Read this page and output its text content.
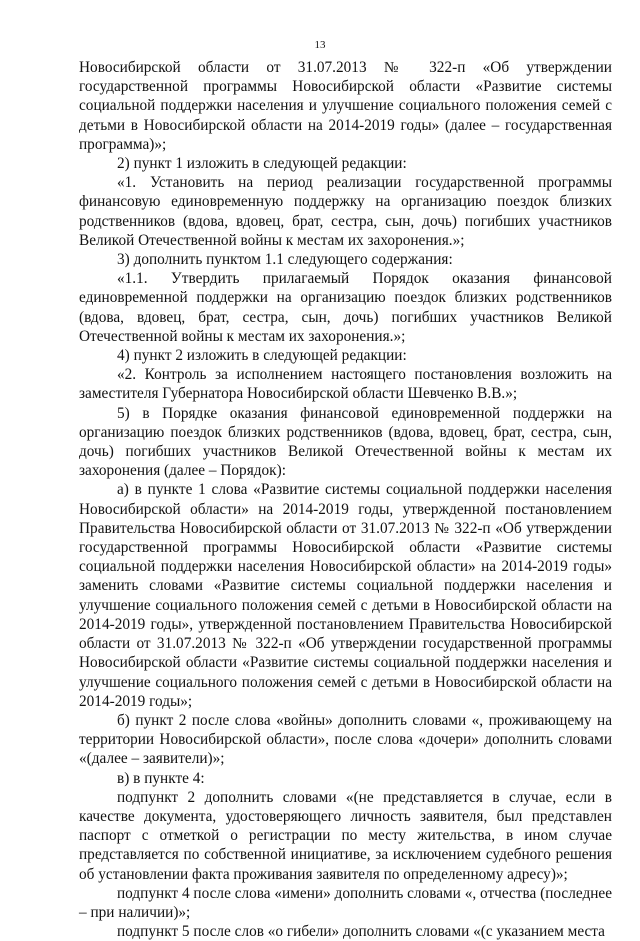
13

Новосибирской области от 31.07.2013 № 322-п «Об утверждении государственной программы Новосибирской области «Развитие системы социальной поддержки населения и улучшение социального положения семей с детьми в Новосибирской области на 2014-2019 годы» (далее – государственная программа)»;

2) пункт 1 изложить в следующей редакции:

«1. Установить на период реализации государственной программы финансовую единовременную поддержку на организацию поездок близких родственников (вдова, вдовец, брат, сестра, сын, дочь) погибших участников Великой Отечественной войны к местам их захоронения.»;

3) дополнить пунктом 1.1 следующего содержания:

«1.1. Утвердить прилагаемый Порядок оказания финансовой единовременной поддержки на организацию поездок близких родственников (вдова, вдовец, брат, сестра, сын, дочь) погибших участников Великой Отечественной войны к местам их захоронения.»;

4) пункт 2 изложить в следующей редакции:

«2. Контроль за исполнением настоящего постановления возложить на заместителя Губернатора Новосибирской области Шевченко В.В.»;

5) в Порядке оказания финансовой единовременной поддержки на организацию поездок близких родственников (вдова, вдовец, брат, сестра, сын, дочь) погибших участников Великой Отечественной войны к местам их захоронения (далее – Порядок):

а) в пункте 1 слова «Развитие системы социальной поддержки населения Новосибирской области» на 2014-2019 годы, утвержденной постановлением Правительства Новосибирской области от 31.07.2013 № 322-п «Об утверждении государственной программы Новосибирской области «Развитие системы социальной поддержки населения Новосибирской области» на 2014-2019 годы» заменить словами «Развитие системы социальной поддержки населения и улучшение социального положения семей с детьми в Новосибирской области на 2014-2019 годы», утвержденной постановлением Правительства Новосибирской области от 31.07.2013 № 322-п «Об утверждении государственной программы Новосибирской области «Развитие системы социальной поддержки населения и улучшение социального положения семей с детьми в Новосибирской области на 2014-2019 годы»;

б) пункт 2 после слова «войны» дополнить словами «, проживающему на территории Новосибирской области», после слова «дочери» дополнить словами «(далее – заявители)»;

в) в пункте 4:

подпункт 2 дополнить словами «(не представляется в случае, если в качестве документа, удостоверяющего личность заявителя, был представлен паспорт с отметкой о регистрации по месту жительства, в ином случае представляется по собственной инициативе, за исключением судебного решения об установлении факта проживания заявителя по определенному адресу)»;

подпункт 4 после слова «имени» дополнить словами «, отчества (последнее – при наличии)»;

подпункт 5 после слов «о гибели» дополнить словами «(с указанием места
